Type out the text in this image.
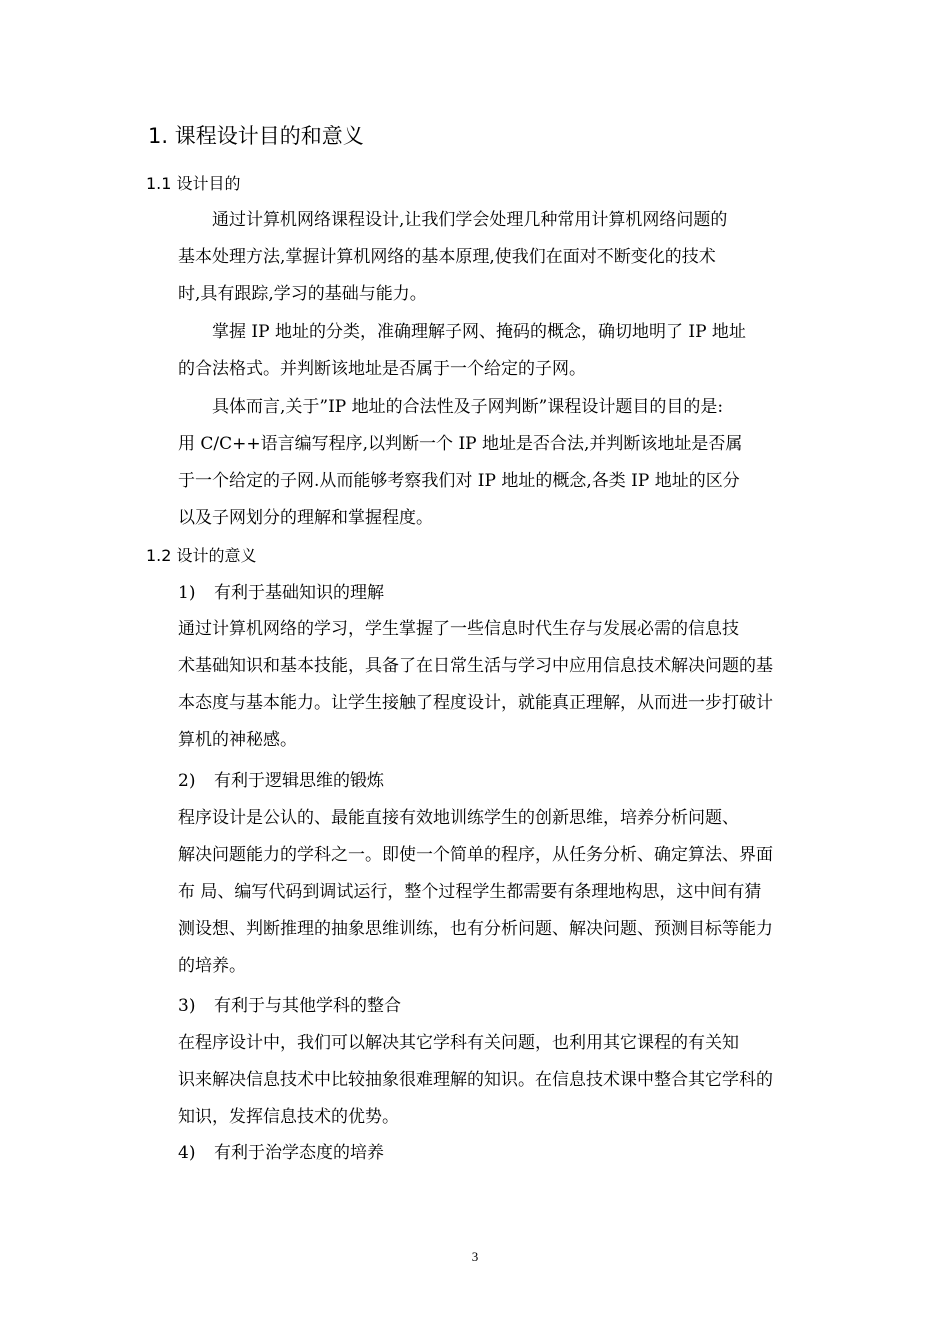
1. 课程设计目的和意义
1.1 设计目的
通过计算机网络课程设计,让我们学会处理几种常用计算机网络问题的
基本处理方法,掌握计算机网络的基本原理,使我们在面对不断变化的技术
时,具有跟踪,学习的基础与能力。
掌握 IP 地址的分类，准确理解子网、掩码的概念，确切地明了 IP 地址
的合法格式。并判断该地址是否属于一个给定的子网。
具体而言,关于”IP 地址的合法性及子网判断”课程设计题目的目的是:
用 C/C++语言编写程序,以判断一个 IP 地址是否合法,并判断该地址是否属
于一个给定的子网.从而能够考察我们对 IP 地址的概念,各类 IP 地址的区分
以及子网划分的理解和掌握程度。
1.2 设计的意义
1) 有利于基础知识的理解
通过计算机网络的学习，学生掌握了一些信息时代生存与发展必需的信息技
术基础知识和基本技能，具备了在日常生活与学习中应用信息技术解决问题的基
本态度与基本能力。让学生接触了程度设计，就能真正理解，从而进一步打破计
算机的神秘感。
2) 有利于逻辑思维的锻炼
程序设计是公认的、最能直接有效地训练学生的创新思维，培养分析问题、
解决问题能力的学科之一。即使一个简单的程序，从任务分析、确定算法、界面
布 局、编写代码到调试运行，整个过程学生都需要有条理地构思，这中间有猜
测设想、判断推理的抽象思维训练，也有分析问题、解决问题、预测目标等能力
的培养。
3) 有利于与其他学科的整合
在程序设计中，我们可以解决其它学科有关问题，也利用其它课程的有关知
识来解决信息技术中比较抽象很难理解的知识。在信息技术课中整合其它学科的
知识，发挥信息技术的优势。
4) 有利于治学态度的培养
3
